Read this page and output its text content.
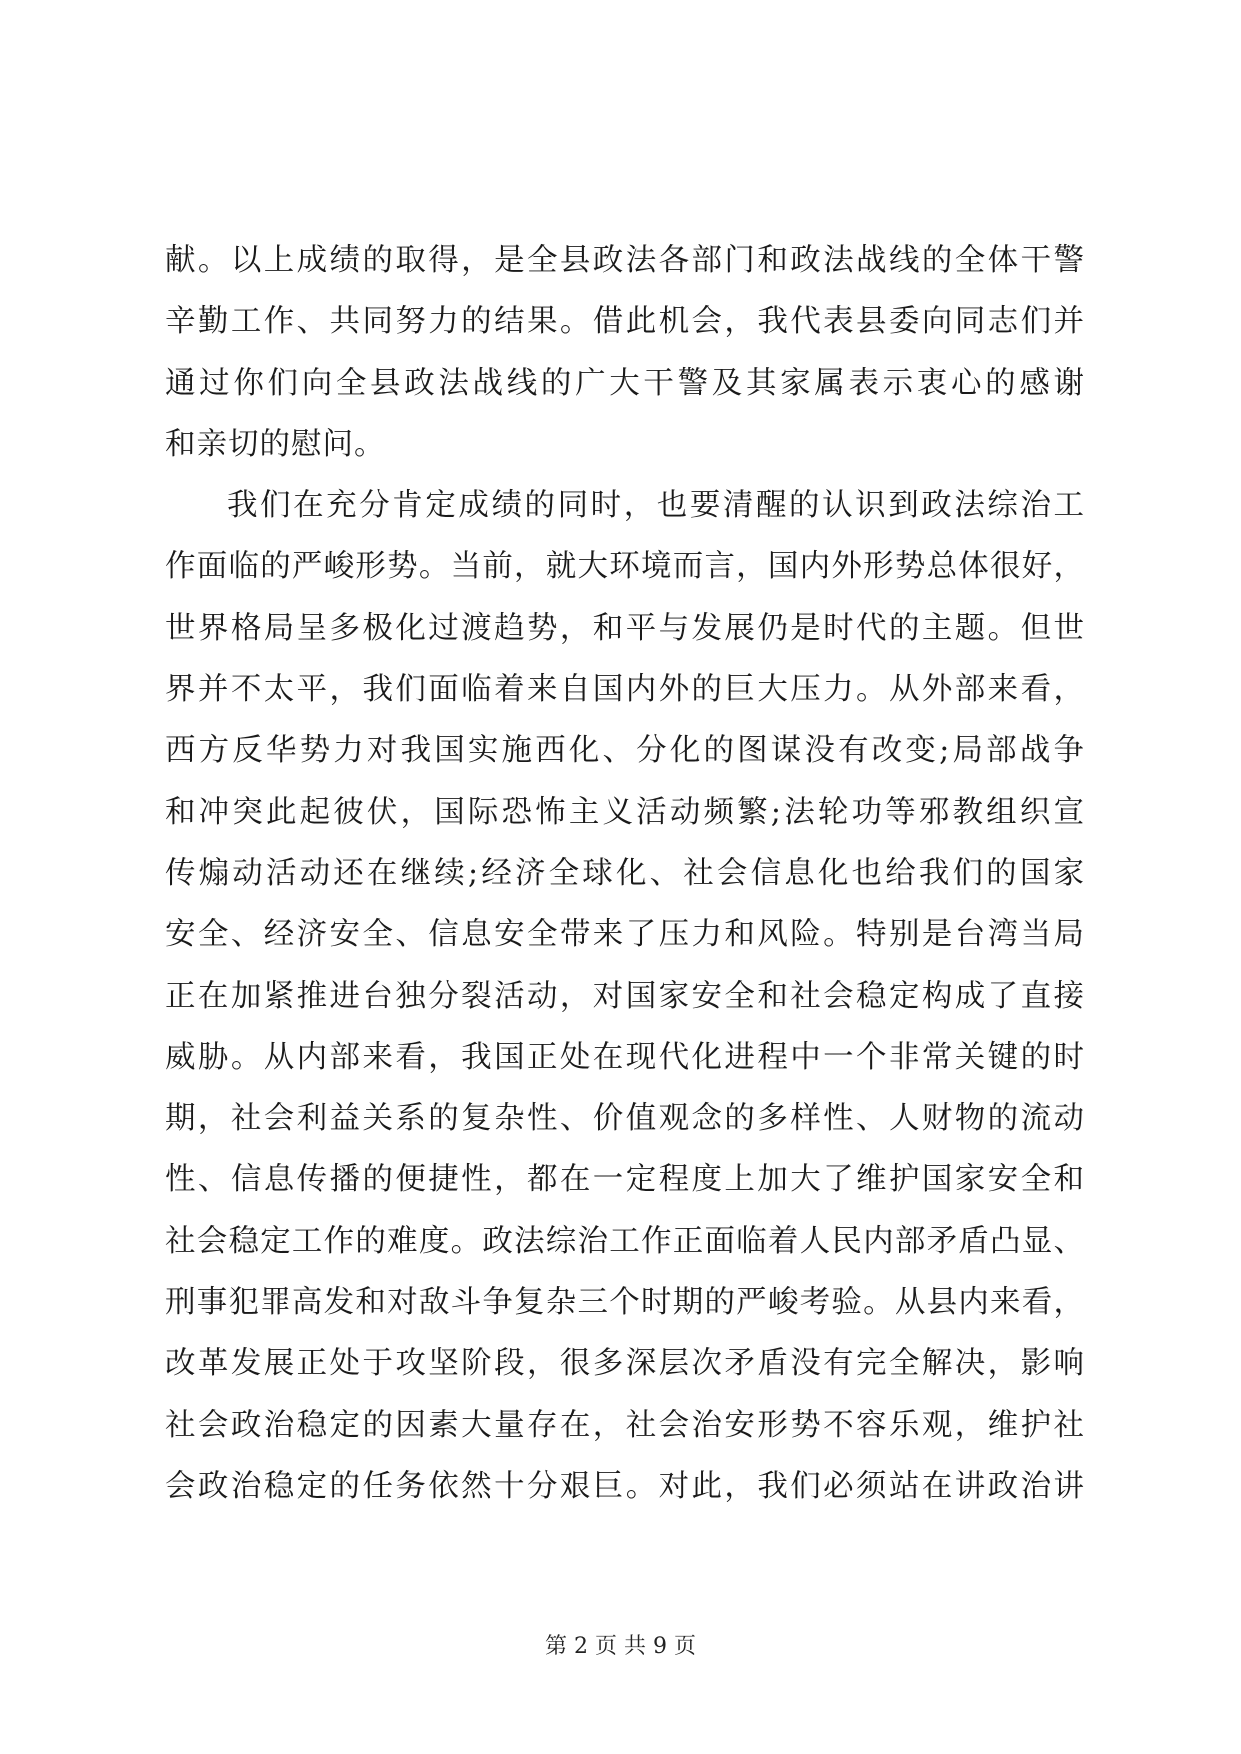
献。以上成绩的取得，是全县政法各部门和政法战线的全体干警
辛勤工作、共同努力的结果。借此机会，我代表县委向同志们并
通过你们向全县政法战线的广大干警及其家属表示衷心的感谢
和亲切的慰问。
我们在充分肯定成绩的同时，也要清醒的认识到政法综治工
作面临的严峻形势。当前，就大环境而言，国内外形势总体很好，
世界格局呈多极化过渡趋势，和平与发展仍是时代的主题。但世
界并不太平，我们面临着来自国内外的巨大压力。从外部来看，
西方反华势力对我国实施西化、分化的图谋没有改变;局部战争
和冲突此起彼伏，国际恐怖主义活动频繁;法轮功等邪教组织宣
传煽动活动还在继续;经济全球化、社会信息化也给我们的国家
安全、经济安全、信息安全带来了压力和风险。特别是台湾当局
正在加紧推进台独分裂活动，对国家安全和社会稳定构成了直接
威胁。从内部来看，我国正处在现代化进程中一个非常关键的时
期，社会利益关系的复杂性、价值观念的多样性、人财物的流动
性、信息传播的便捷性，都在一定程度上加大了维护国家安全和
社会稳定工作的难度。政法综治工作正面临着人民内部矛盾凸显、
刑事犯罪高发和对敌斗争复杂三个时期的严峻考验。从县内来看，
改革发展正处于攻坚阶段，很多深层次矛盾没有完全解决，影响
社会政治稳定的因素大量存在，社会治安形势不容乐观，维护社
会政治稳定的任务依然十分艰巨。对此，我们必须站在讲政治讲
第 2 页 共 9 页
